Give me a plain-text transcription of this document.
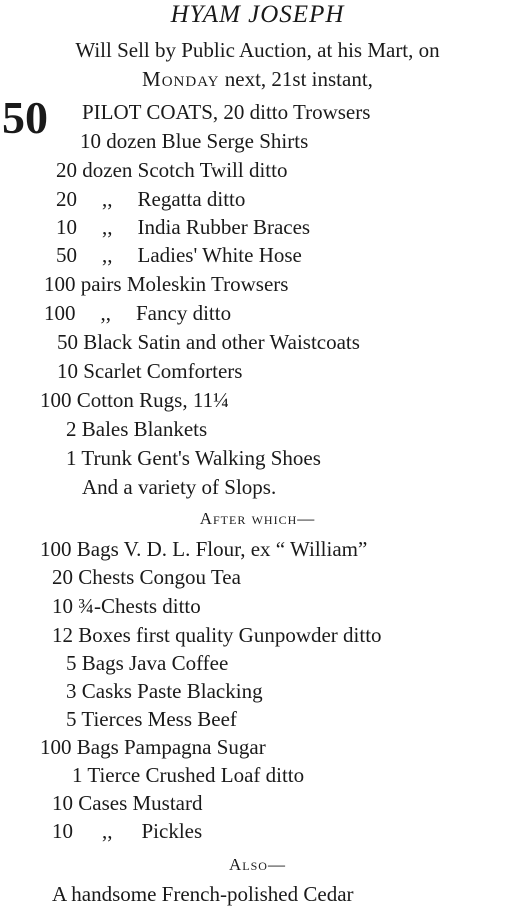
HYAM JOSEPH
Will Sell by Public Auction, at his Mart, on
Monday next, 21st instant,
50 PILOT COATS, 20 ditto Trowsers
10 dozen Blue Serge Shirts
20 dozen Scotch Twill ditto
20 ,, Regatta ditto
10 ,, India Rubber Braces
50 ,, Ladies' White Hose
100 pairs Moleskin Trowsers
100 ,, Fancy ditto
50 Black Satin and other Waistcoats
10 Scarlet Comforters
100 Cotton Rugs, 11¼
2 Bales Blankets
1 Trunk Gent's Walking Shoes
And a variety of Slops.
After which—
100 Bags V. D. L. Flour, ex “ William”
20 Chests Congou Tea
10 ¾-Chests ditto
12 Boxes first quality Gunpowder ditto
5 Bags Java Coffee
3 Casks Paste Blacking
5 Tierces Mess Beef
100 Bags Pampagna Sugar
1 Tierce Crushed Loaf ditto
10 Cases Mustard
10 ,, Pickles
Also—
A handsome French-polished Cedar
